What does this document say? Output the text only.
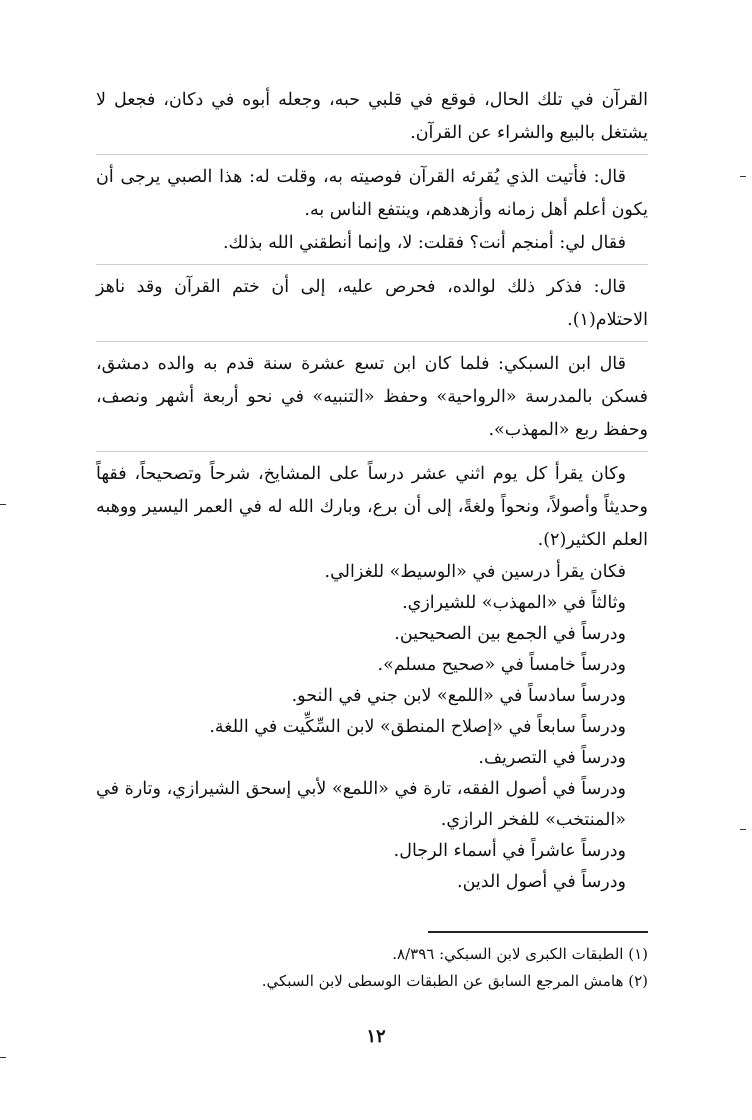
القرآن في تلك الحال، فوقع في قلبي حبه، وجعله أبوه في دكان، فجعل لا يشتغل بالبيع والشراء عن القرآن.

قال: فأتيت الذي يُقرئه القرآن فوصيته به، وقلت له: هذا الصبي يرجى أن يكون أعلم أهل زمانه وأزهدهم، وينتفع الناس به.

فقال لي: أمنجم أنت؟ فقلت: لا، وإنما أنطقني الله بذلك.

قال: فذكر ذلك لوالده، فحرص عليه، إلى أن ختم القرآن وقد ناهز الاحتلام(١).

قال ابن السبكي: فلما كان ابن تسع عشرة سنة قدم به والده دمشق، فسكن بالمدرسة «الرواحية» وحفظ «التنبيه» في نحو أربعة أشهر ونصف، وحفظ ربع «المهذب».

وكان يقرأ كل يوم اثني عشر درساً على المشايخ، شرحاً وتصحيحاً، فقهاً وحديثاً وأصولاً، ونحواً ولغةً، إلى أن برع، وبارك الله له في العمر اليسير ووهبه العلم الكثير(٢).

فكان يقرأ درسين في «الوسيط» للغزالي.

وثالثاً في «المهذب» للشيرازي.

ودرساً في الجمع بين الصحيحين.

ودرساً خامساً في «صحيح مسلم».

ودرساً سادساً في «اللمع» لابن جني في النحو.

ودرساً سابعاً في «إصلاح المنطق» لابن السِّكِّيت في اللغة.

ودرساً في التصريف.

ودرساً في أصول الفقه، تارة في «اللمع» لأبي إسحق الشيرازي، وتارة في «المنتخب» للفخر الرازي.

ودرساً عاشراً في أسماء الرجال.

ودرساً في أصول الدين.

(١) الطبقات الكبرى لابن السبكي: ٨/٣٩٦.

(٢) هامش المرجع السابق عن الطبقات الوسطى لابن السبكي.

١٢
